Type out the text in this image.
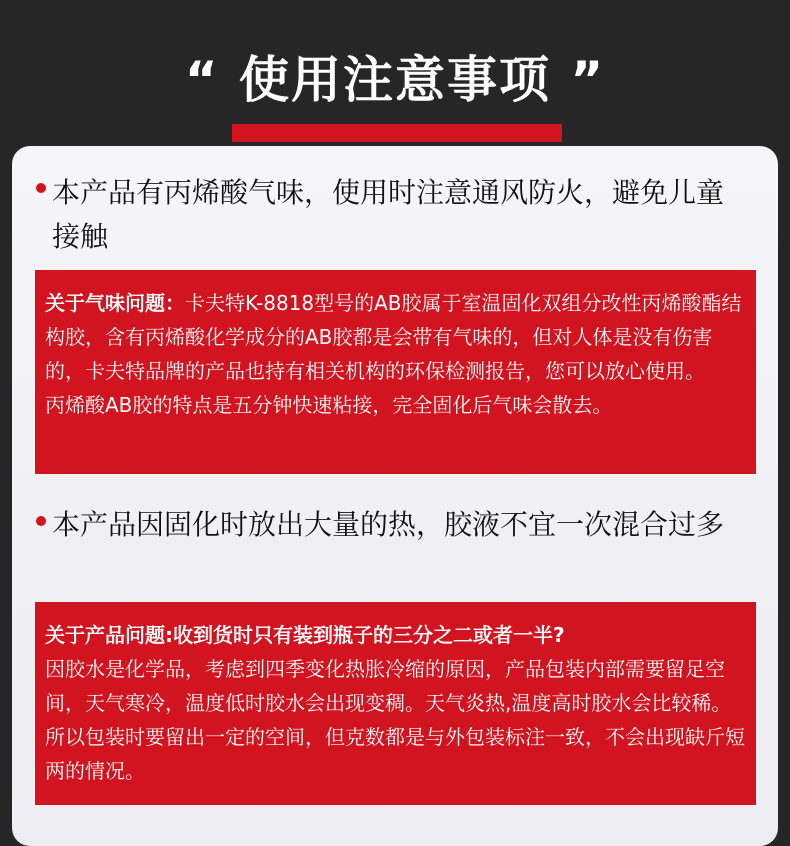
“ 使用注意事项 ”
本产品有丙烯酸气味，使用时注意通风防火，避免儿童接触

关于气味问题：卡夫特K-8818型号的AB胶属于室温固化双组分改性丙烯酸酯结构胶，含有丙烯酸化学成分的AB胶都是会带有气味的，但对人体是没有伤害的，卡夫特品牌的产品也持有相关机构的环保检测报告，您可以放心使用。

丙烯酸AB胶的特点是五分钟快速粘接，完全固化后气味会散去。

本产品因固化时放出大量的热，胶液不宜一次混合过多

关于产品问题:收到货时只有装到瓶子的三分之二或者一半?

因胶水是化学品，考虑到四季变化热胀冷缩的原因，产品包装内部需要留足空间，天气寒冷，温度低时胶水会出现变稠。天气炎热,温度高时胶水会比较稀。所以包装时要留出一定的空间，但克数都是与外包装标注一致，不会出现缺斤短两的情况。
